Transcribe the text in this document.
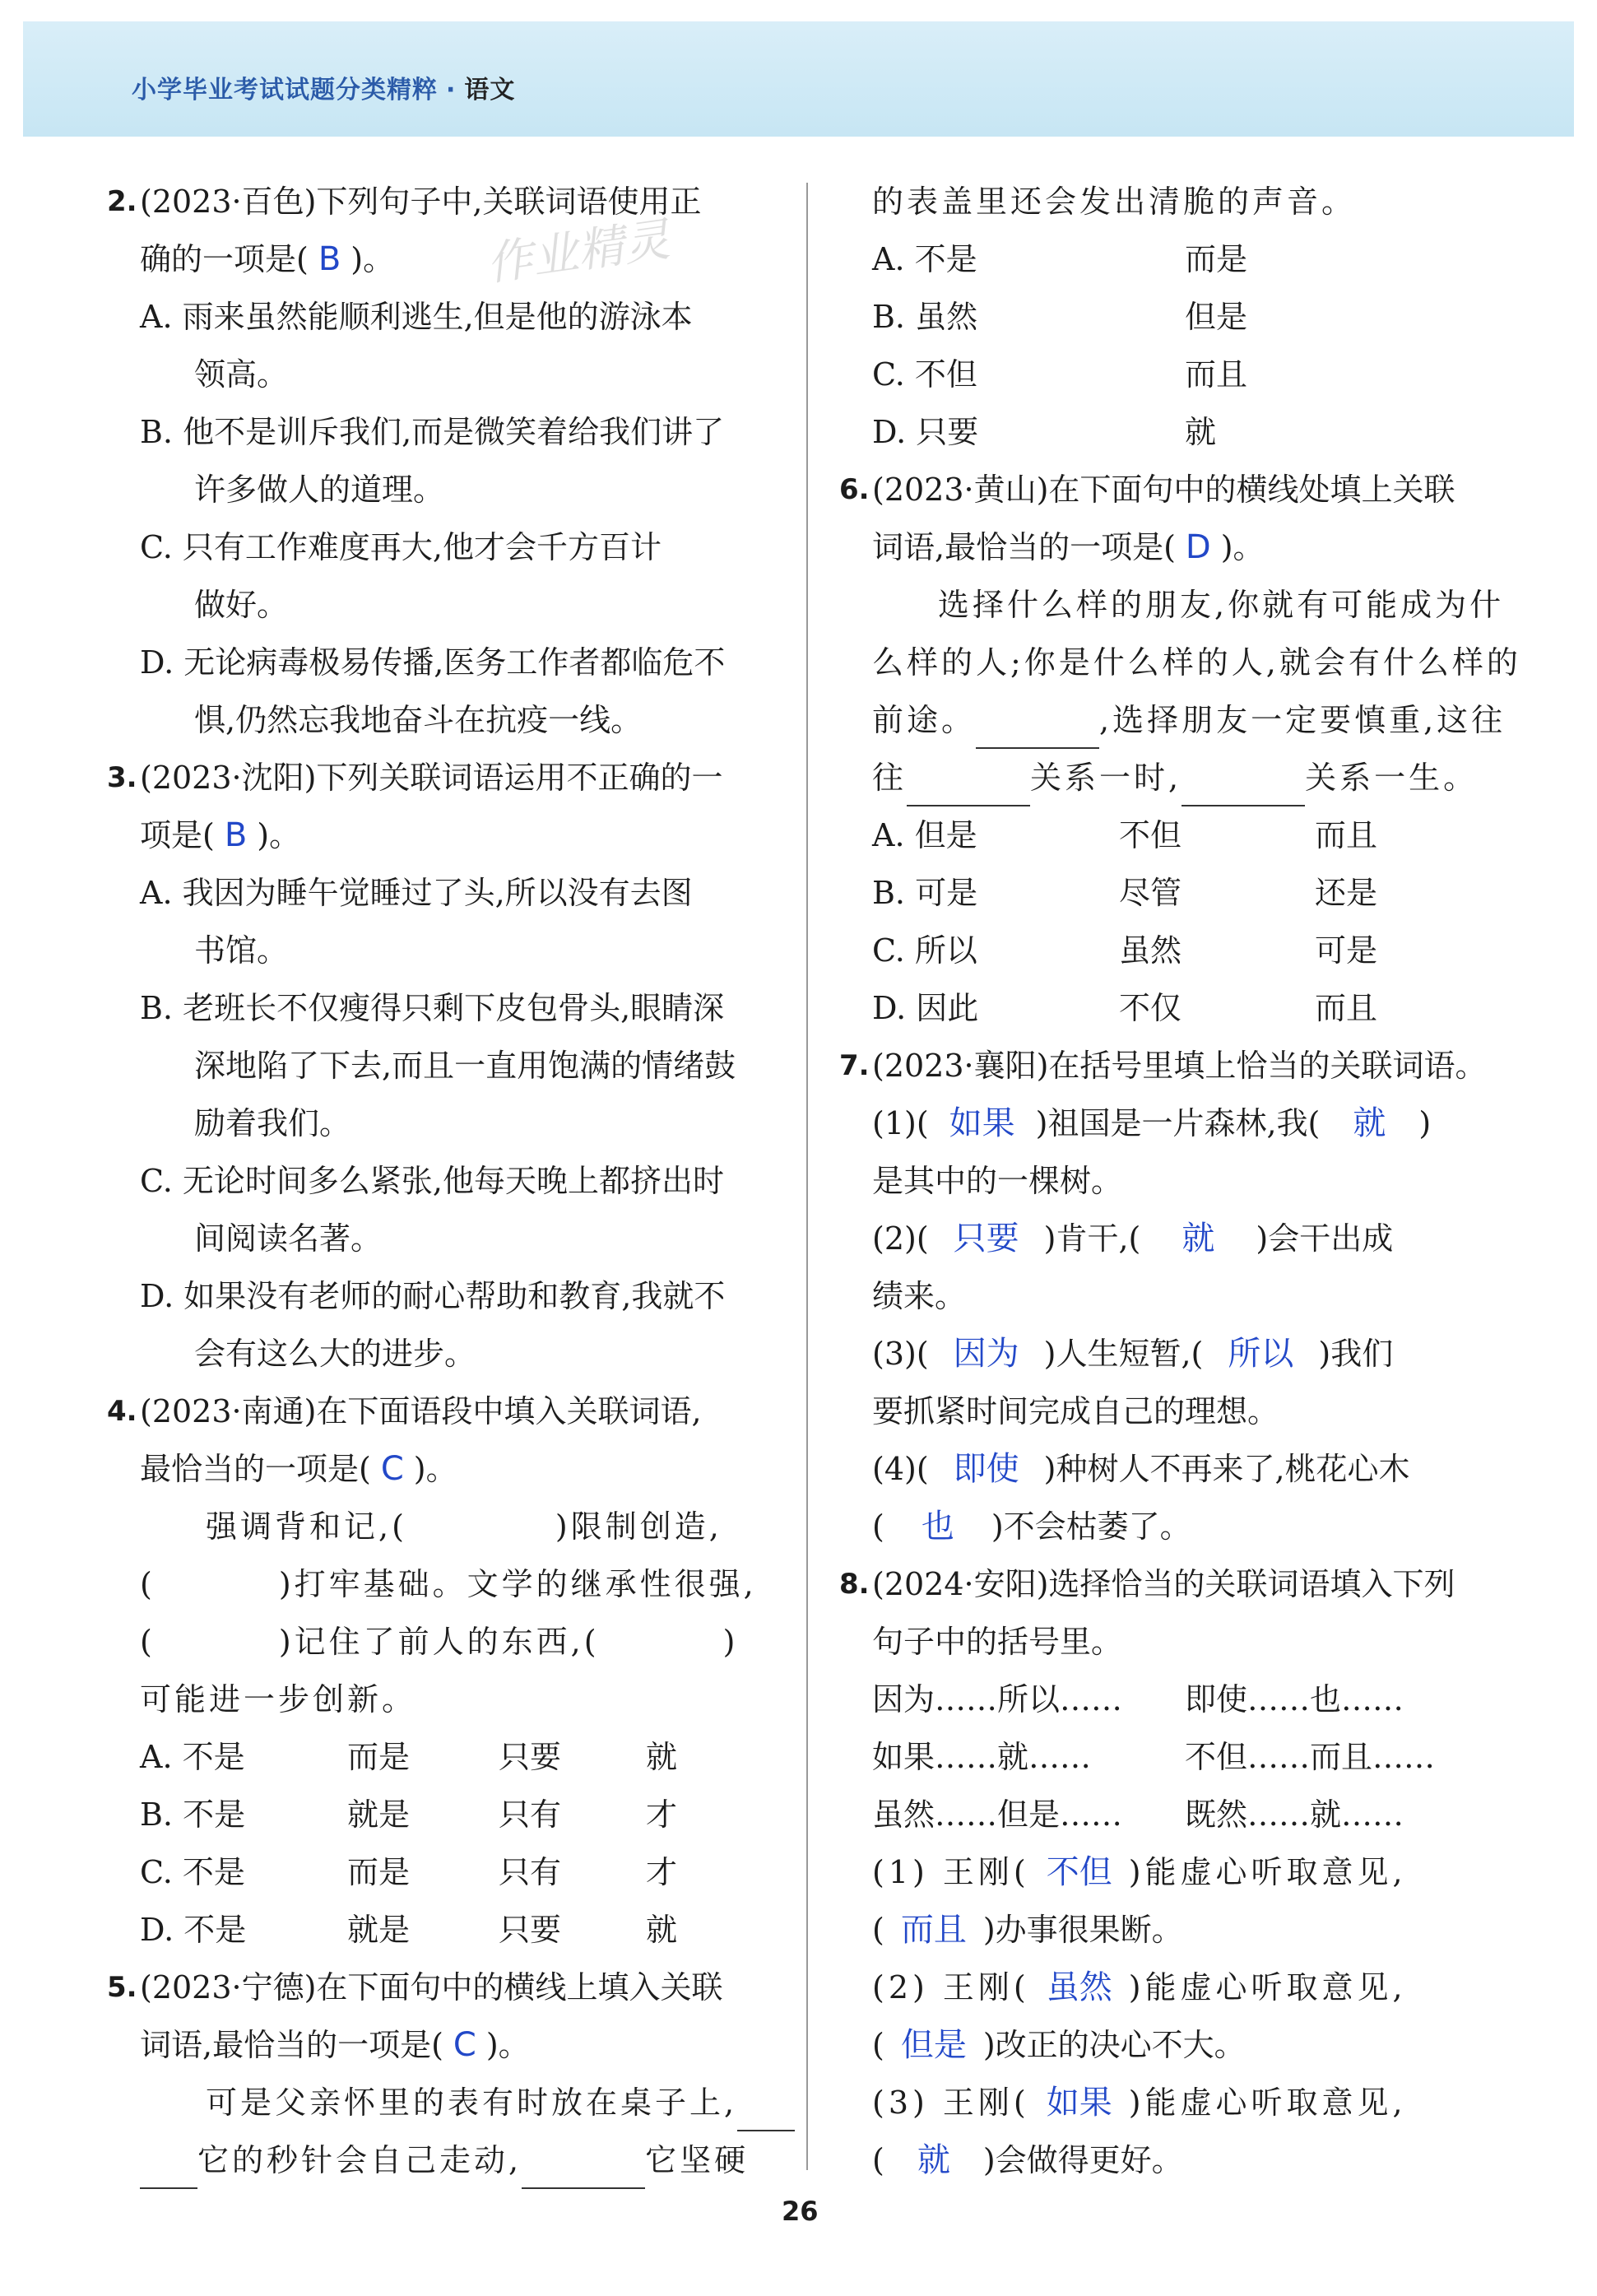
小学毕业考试试题分类精粹 · 语文
作业精灵
2. (2023·百色)下列句子中,关联词语使用正
确的一项是( B )。
A. 雨来虽然能顺利逃生,但是他的游泳本
领高。
B. 他不是训斥我们,而是微笑着给我们讲了
许多做人的道理。
C. 只有工作难度再大,他才会千方百计
做好。
D. 无论病毒极易传播,医务工作者都临危不
惧,仍然忘我地奋斗在抗疫一线。
3. (2023·沈阳)下列关联词语运用不正确的一
项是( B )。
A. 我因为睡午觉睡过了头,所以没有去图
书馆。
B. 老班长不仅瘦得只剩下皮包骨头,眼睛深
深地陷了下去,而且一直用饱满的情绪鼓
励着我们。
C. 无论时间多么紧张,他每天晚上都挤出时
间阅读名著。
D. 如果没有老师的耐心帮助和教育,我就不
会有这么大的进步。
4. (2023·南通)在下面语段中填入关联词语,
最恰当的一项是( C )。
强调背和记,(	)限制创造,
(	)打牢基础。文学的继承性很强,
(	)记住了前人的东西,(	)
可能进一步创新。
A. 不是	而是	只要	就
B. 不是	就是	只有	才
C. 不是	而是	只有	才
D. 不是	就是	只要	就
5. (2023·宁德)在下面句中的横线上填入关联
词语,最恰当的一项是( C )。
可是父亲怀里的表有时放在桌子上,
它的秒针会自己走动,	它坚硬
的表盖里还会发出清脆的声音。
A. 不是	而是
B. 虽然	但是
C. 不但	而且
D. 只要	就
6. (2023·黄山)在下面句中的横线处填上关联
词语,最恰当的一项是( D )。
选择什么样的朋友,你就有可能成为什
么样的人;你是什么样的人,就会有什么样的
前途。	,选择朋友一定要慎重,这往
往	关系一时,	关系一生。
A. 但是	不但	而且
B. 可是	尽管	还是
C. 所以	虽然	可是
D. 因此	不仅	而且
7. (2023·襄阳)在括号里填上恰当的关联词语。
(1)( 如果 )祖国是一片森林,我( 就 )
是其中的一棵树。
(2)( 只要 )肯干,( 就 )会干出成
绩来。
(3)( 因为 )人生短暂,( 所以 )我们
要抓紧时间完成自己的理想。
(4)( 即使 )种树人不再来了,桃花心木
( 也 )不会枯萎了。
8. (2024·安阳)选择恰当的关联词语填入下列
句子中的括号里。
因为……所以…… 即使……也……
如果……就……	不但……而且……
虽然……但是…… 既然……就……
(1) 王刚( 不但 )能虚心听取意见,
( 而且 )办事很果断。
(2) 王刚( 虽然 )能虚心听取意见,
( 但是 )改正的决心不大。
(3) 王刚( 如果 )能虚心听取意见,
( 就 )会做得更好。
26
